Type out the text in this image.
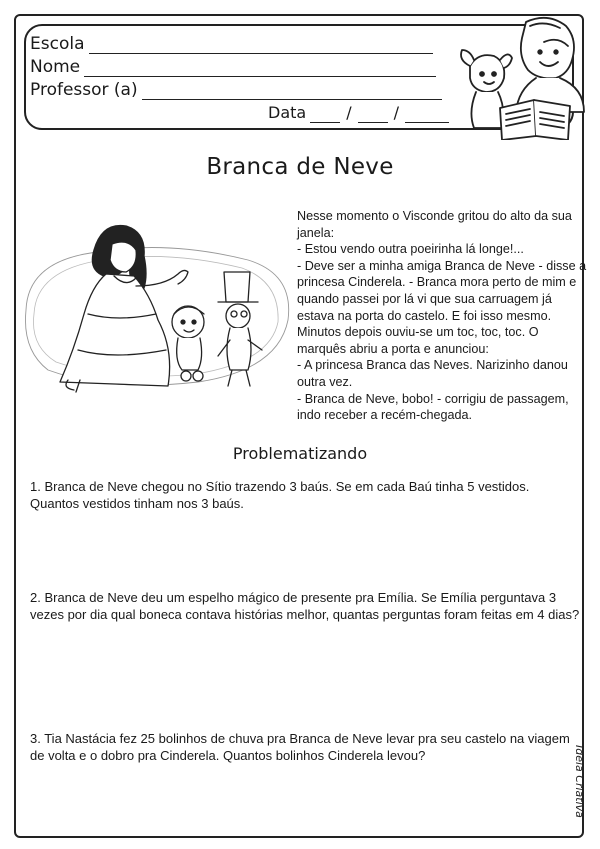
Escola
Nome
Professor (a)
Data	/	/
Branca de Neve

Nesse momento o Visconde gritou do alto da sua janela:

- Estou vendo outra poeirinha lá longe!...

- Deve ser a minha amiga Branca de Neve - disse a princesa Cinderela. - Branca mora perto de mim e quando passei por lá vi que sua carruagem já estava na porta do castelo. E foi isso mesmo. Minutos depois ouviu-se um toc, toc, toc. O marquês abriu a porta e anunciou:

- A princesa Branca das Neves. Narizinho danou outra vez.

- Branca de Neve, bobo! - corrigiu de passagem, indo receber a recém-chegada.

Problematizando
1. Branca de Neve chegou no Sítio trazendo 3 baús. Se em cada Baú tinha 5 vestidos. Quantos vestidos tinham nos 3 baús.
2. Branca de Neve deu um espelho mágico de presente pra Emília. Se Emília perguntava 3 vezes por dia qual boneca contava histórias melhor, quantas perguntas foram feitas em 4 dias?
3. Tia Nastácia fez 25 bolinhos de chuva pra Branca de Neve levar pra seu castelo na viagem de volta e o dobro pra Cinderela. Quantos bolinhos Cinderela levou?	Ideia Criativa
